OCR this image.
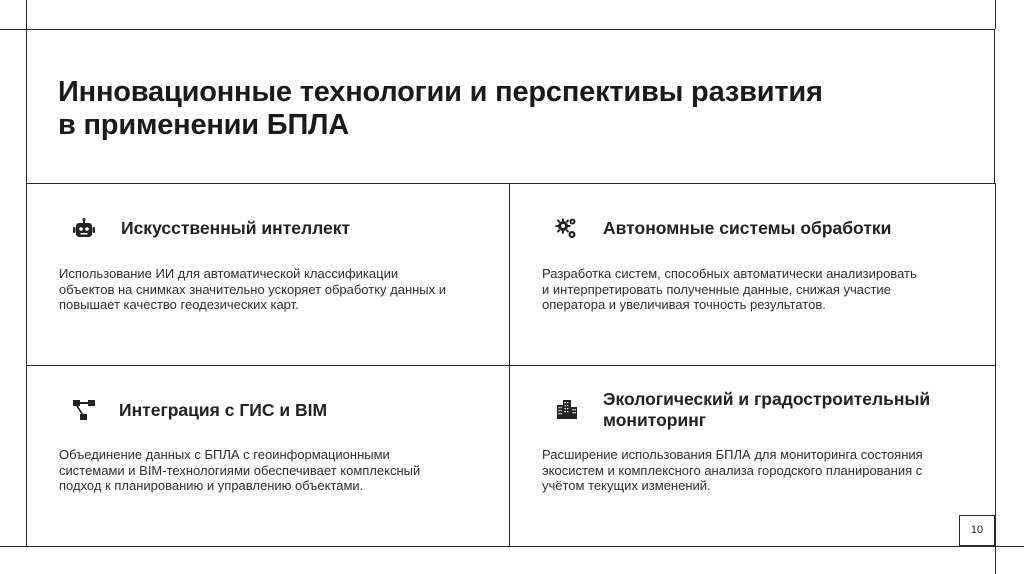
Инновационные технологии и перспективы развития
в применении БПЛА
Искусственный интеллект

Использование ИИ для автоматической классификации объектов на снимках значительно ускоряет обработку данных и повышает качество геодезических карт.

Автономные системы обработки

Разработка систем, способных автоматически анализировать и интерпретировать полученные данные, снижая участие оператора и увеличивая точность результатов.

Интеграция с ГИС и BIM

Объединение данных с БПЛА с геоинформационными системами и BIM-технологиями обеспечивает комплексный подход к планированию и управлению объектами.

Экологический и градостроительный мониторинг

Расширение использования БПЛА для мониторинга состояния экосистем и комплексного анализа городского планирования с учётом текущих изменений.

10
